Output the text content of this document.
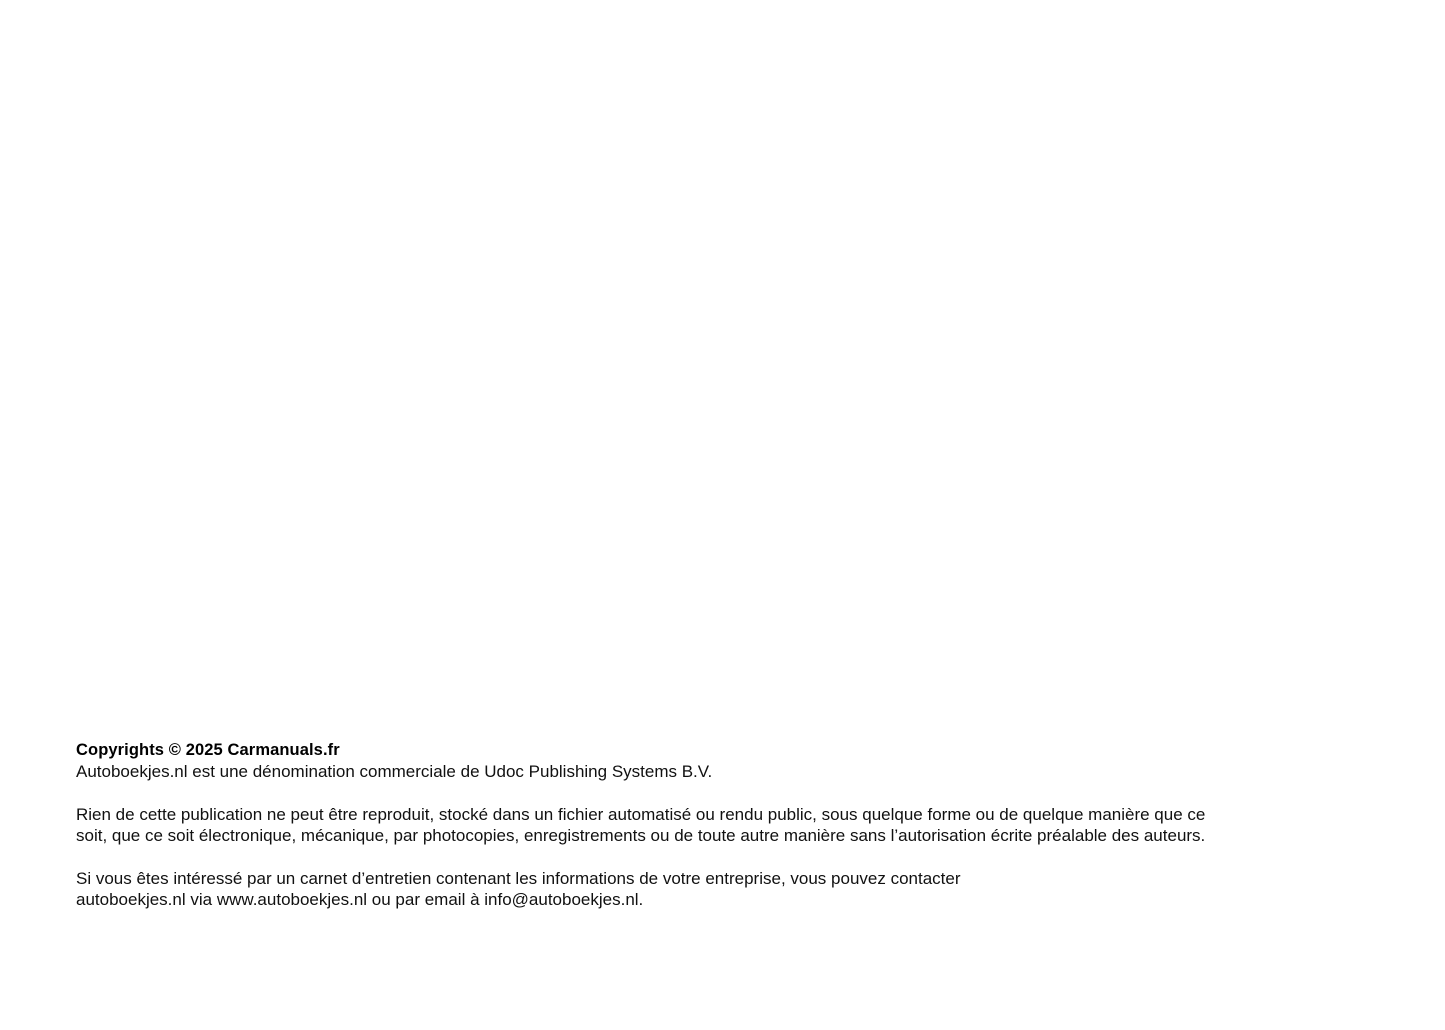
Copyrights © 2025 Carmanuals.fr

Autoboekjes.nl est une dénomination commerciale de Udoc Publishing Systems B.V.

Rien de cette publication ne peut être reproduit, stocké dans un fichier automatisé ou rendu public, sous quelque forme ou de quelque manière que ce

soit, que ce soit électronique, mécanique, par photocopies, enregistrements ou de toute autre manière sans l’autorisation écrite préalable des auteurs.

Si vous êtes intéressé par un carnet d’entretien contenant les informations de votre entreprise, vous pouvez contacter

autoboekjes.nl via www.autoboekjes.nl ou par email à info@autoboekjes.nl.
